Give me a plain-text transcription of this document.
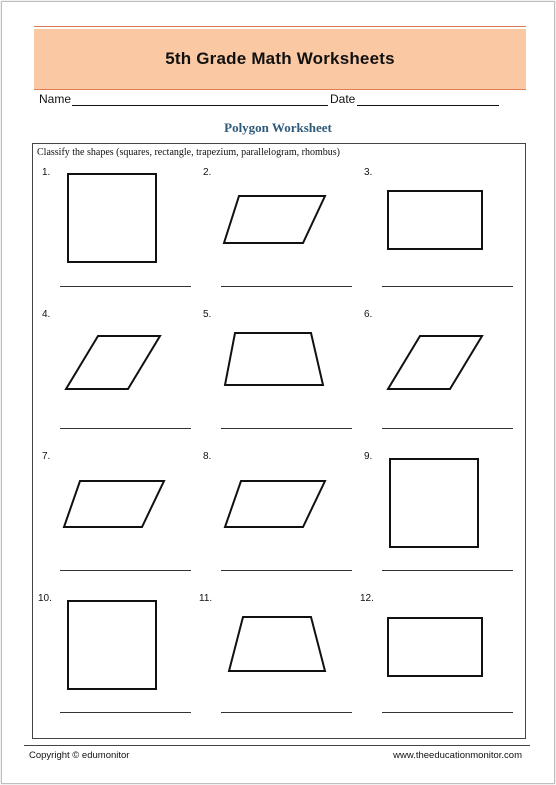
5th Grade Math Worksheets
Name	Date
Polygon Worksheet
Classify the shapes (squares, rectangle, trapezium, parallelogram, rhombus)
1.	2.	3.
4.	5.	6.
7.	8.	9.
10.	11.	12.
Copyright © edumonitor	www.theeducationmonitor.com
